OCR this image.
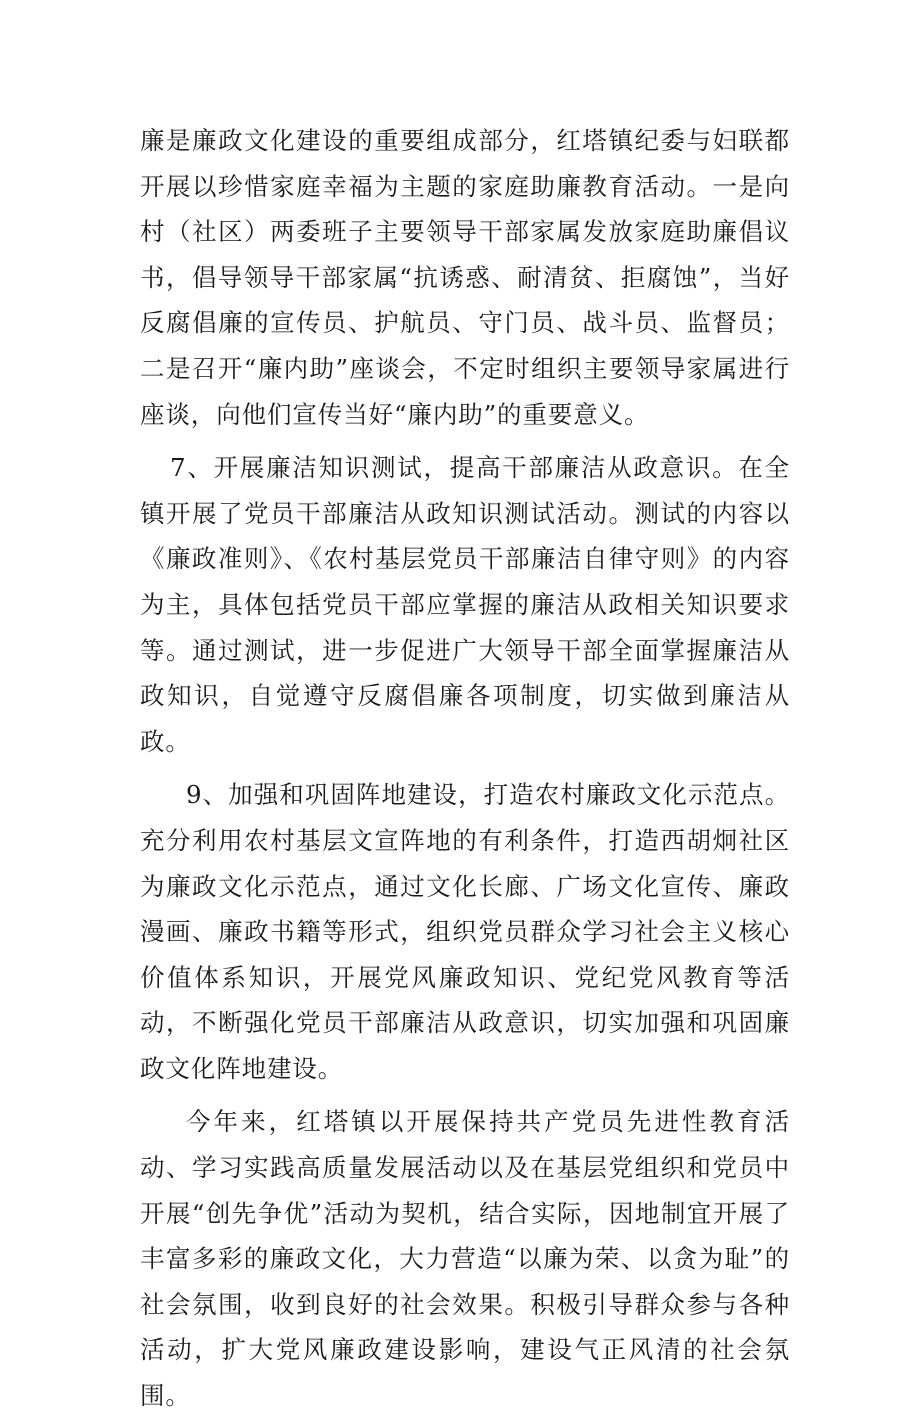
廉是廉政文化建设的重要组成部分，红塔镇纪委与妇联都开展以珍惜家庭幸福为主题的家庭助廉教育活动。一是向村（社区）两委班子主要领导干部家属发放家庭助廉倡议书，倡导领导干部家属“抗诱惑、耐清贫、拒腐蚀”，当好反腐倡廉的宣传员、护航员、守门员、战斗员、监督员；二是召开“廉内助”座谈会，不定时组织主要领导家属进行座谈，向他们宣传当好“廉内助”的重要意义。

7、开展廉洁知识测试，提高干部廉洁从政意识。在全镇开展了党员干部廉洁从政知识测试活动。测试的内容以《廉政准则》、《农村基层党员干部廉洁自律守则》的内容为主，具体包括党员干部应掌握的廉洁从政相关知识要求等。通过测试，进一步促进广大领导干部全面掌握廉洁从政知识，自觉遵守反腐倡廉各项制度，切实做到廉洁从政。

9、加强和巩固阵地建设，打造农村廉政文化示范点。充分利用农村基层文宣阵地的有利条件，打造西胡炯社区为廉政文化示范点，通过文化长廊、广场文化宣传、廉政漫画、廉政书籍等形式，组织党员群众学习社会主义核心价值体系知识，开展党风廉政知识、党纪党风教育等活动，不断强化党员干部廉洁从政意识，切实加强和巩固廉政文化阵地建设。

今年来，红塔镇以开展保持共产党员先进性教育活动、学习实践高质量发展活动以及在基层党组织和党员中开展“创先争优”活动为契机，结合实际，因地制宜开展了丰富多彩的廉政文化，大力营造“以廉为荣、以贪为耻”的社会氛围，收到良好的社会效果。积极引导群众参与各种活动，扩大党风廉政建设影响，建设气正风清的社会氛围。
